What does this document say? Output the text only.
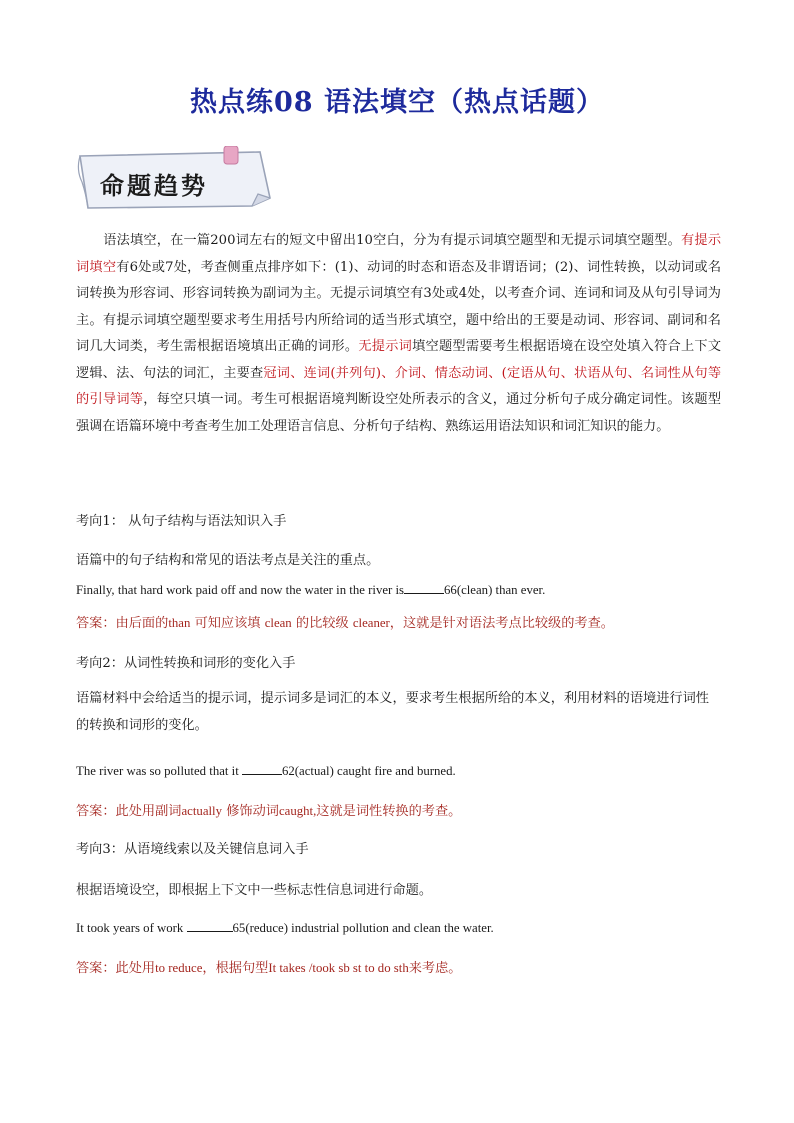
热点练08 语法填空（热点话题）
命题趋势

语法填空，在一篇200词左右的短文中留出10空白，分为有提示词填空题型和无提示词填空题型。有提示词填空有6处或7处，考查侧重点排序如下：(1)、动词的时态和语态及非谓语词；(2)、词性转换，以动词或名词转换为形容词、形容词转换为副词为主。无提示词填空有3处或4处，以考查介词、连词和词及从句引导词为主。有提示词填空题型要求考生用括号内所给词的适当形式填空，题中给出的王要是动词、形容词、副词和名词几大词类，考生需根据语境填出正确的词形。无提示词填空题型需要考生根据语境在设空处填入符合上下文逻辑、法、句法的词汇，主要查冠词、连词(并列句)、介词、情态动词、(定语从句、状语从句、名词性从句等的引导词等，每空只填一词。考生可根据语境判断设空处所表示的含义，通过分析句子成分确定词性。该题型强调在语篇环境中考查考生加工处理语言信息、分析句子结构、熟练运用语法知识和词汇知识的能力。

考向1： 从句子结构与语法知识入手

语篇中的句子结构和常见的语法考点是关注的重点。

Finally, that hard work paid off and now the water in the river is	66(clean) than ever.

答案：由后面的than 可知应该填 clean 的比较级 cleaner，这就是针对语法考点比较级的考查。

考向2：从词性转换和词形的变化入手

语篇材料中会给适当的提示词，提示词多是词汇的本义，要求考生根据所给的本义，利用材料的语境进行词性的转换和词形的变化。

The river was so polluted that it	62(actual) caught fire and burned.

答案：此处用副词actually 修饰动词caught,这就是词性转换的考查。

考向3：从语境线索以及关键信息词入手

根据语境设空，即根据上下文中一些标志性信息词进行命题。

It took years of work	65(reduce) industrial pollution and clean the water.

答案：此处用to reduce，根据句型It takes /took sb st to do sth来考虑。
